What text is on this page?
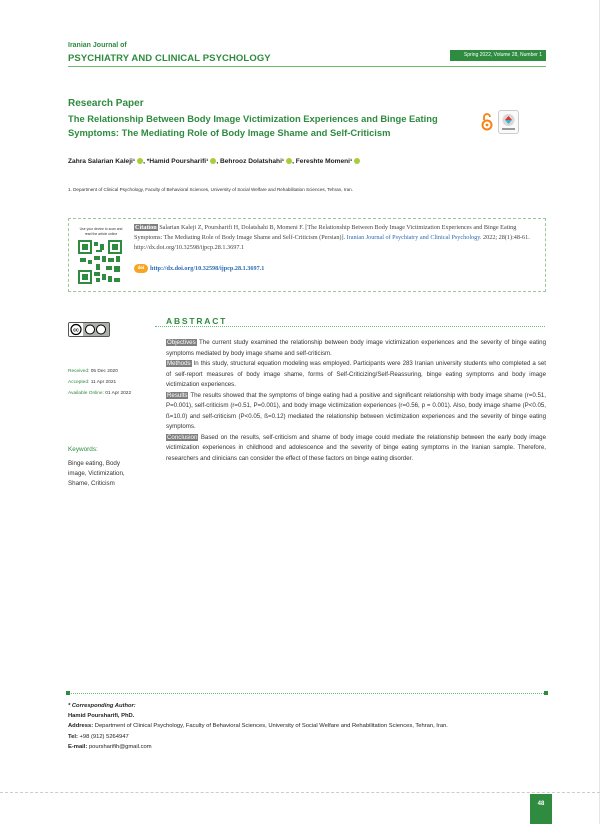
Iranian Journal of
PSYCHIATRY AND CLINICAL PSYCHOLOGY	Spring 2022, Volume 28, Number 1
Research Paper
The Relationship Between Body Image Victimization Experiences and Binge Eating Symptoms: The Mediating Role of Body Image Shame and Self-Criticism
Zahra Salarian Kaleji¹ , *Hamid Poursharifi¹ , Behrooz Dolatshahi¹ , Fereshte Momeni¹
1. Department of Clinical Psychology, Faculty of Behavioral Sciences, University of Social Welfare and Rehabilitation Sciences, Tehran, Iran.
Use your device to scan and read the article online
Citation Salarian Kaleji Z, Poursharifi H, Dolatshahi B, Momeni F. [The Relationship Between Body Image Victimization Experiences and Binge Eating Symptoms: The Mediating Role of Body Image Shame and Self-Criticism (Persian)]. Iranian Journal of Psychiatry and Clinical Psychology. 2022; 28(1):48-61. http://dx.doi.org/10.32598/ijpcp.28.1.3697.1
doi http://dx.doi.org/10.32598/ijpcp.28.1.3697.1
cc
Received: 05 Dec 2020
Accepted: 11 Apr 2021
Available Online: 01 Apr 2022
Keywords:
Binge eating, Body image, Victimization, Shame, Criticism
ABSTRACT

Objectives The current study examined the relationship between body image victimization experiences and the severity of binge eating symptoms mediated by body image shame and self-criticism.

Methods In this study, structural equation modeling was employed. Participants were 283 Iranian university students who completed a set of self-report measures of body image shame, forms of Self-Criticizing/Self-Reassuring, binge eating symptoms and body image victimization experiences.

Results The results showed that the symptoms of binge eating had a positive and significant relationship with body image shame (r=0.51, P=0.001), self-criticism (r=0.51, P=0.001), and body image victimization experiences (r=0.56, p = 0.001). Also, body image shame (P<0.05, ß=10.0) and self-criticism (P<0.05, ß=0.12) mediated the relationship between victimization experiences and the severity of binge eating symptoms.

Conclusion Based on the results, self-criticism and shame of body image could mediate the relationship between the early body image victimization experiences in childhood and adolescence and the severity of binge eating symptoms in the Iranian sample. Therefore, researchers and clinicians can consider the effect of these factors on binge eating disorder.

* Corresponding Author:
Hamid Poursharifi, PhD.
Address: Department of Clinical Psychology, Faculty of Behavioral Sciences, University of Social Welfare and Rehabilitation Sciences, Tehran, Iran.
Tel: +98 (912) 5264947
E-mail: poursharifih@gmail.com
48
